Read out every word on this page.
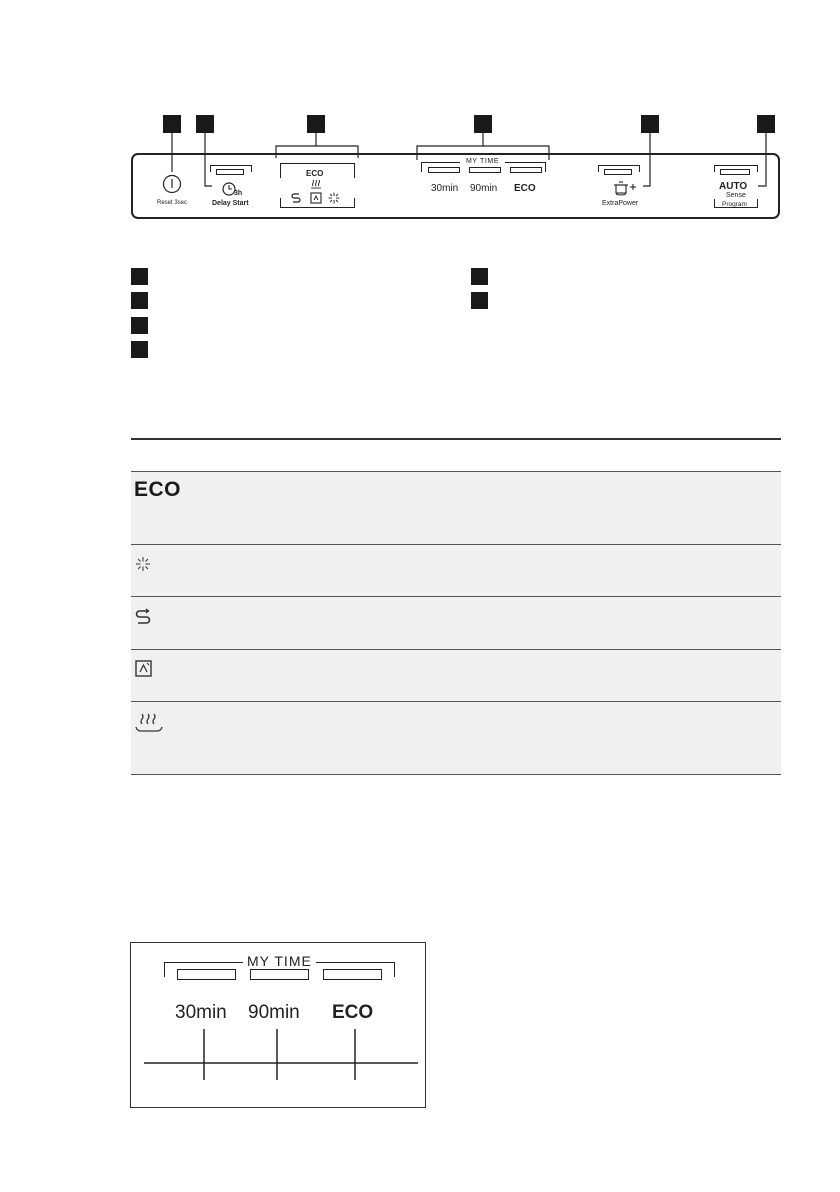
Reset 3sec
3h
Delay Start
ECO
MY TIME
30min 90min ECO
ExtraPower
AUTO
Sense
Program
ECO
MY TIME
30min 90min ECO
